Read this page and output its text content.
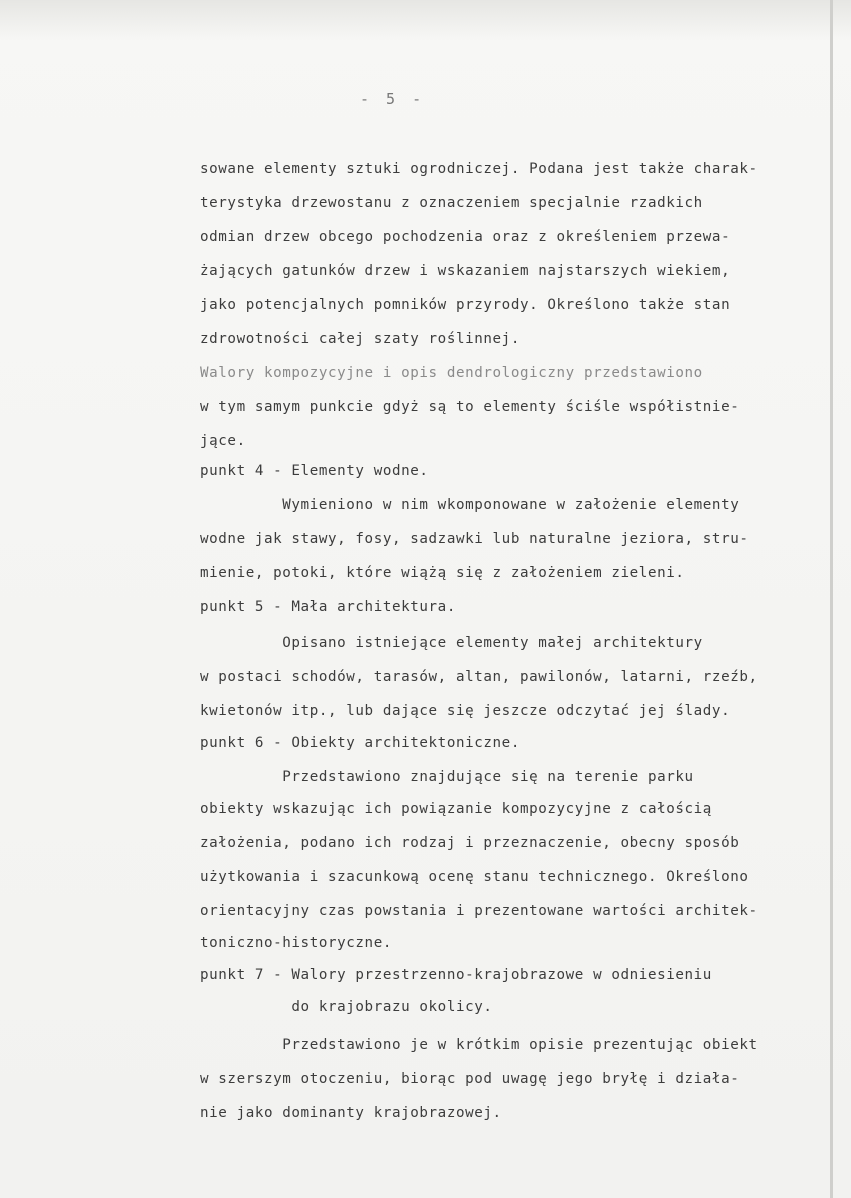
- 5 -
sowane elementy sztuki ogrodniczej. Podana jest także charak-
terystyka drzewostanu z oznaczeniem specjalnie rzadkich
odmian drzew obcego pochodzenia oraz z określeniem przewa-
żających gatunków drzew i wskazaniem najstarszych wiekiem,
jako potencjalnych pomników przyrody. Określono także stan
zdrowotności całej szaty roślinnej.
Walory kompozycyjne i opis dendrologiczny przedstawiono
w tym samym punkcie gdyż są to elementy ściśle współistnie-
jące.
punkt 4 - Elementy wodne.
Wymieniono w nim wkomponowane w założenie elementy
wodne jak stawy, fosy, sadzawki lub naturalne jeziora, stru-
mienie, potoki, które wiążą się z założeniem zieleni.
punkt 5 - Mała architektura.
Opisano istniejące elementy małej architektury
w postaci schodów, tarasów, altan, pawilonów, latarni, rzeźb,
kwietonów itp., lub dające się jeszcze odczytać jej ślady.
punkt 6 - Obiekty architektoniczne.
Przedstawiono znajdujące się na terenie parku
obiekty wskazując ich powiązanie kompozycyjne z całością
założenia, podano ich rodzaj i przeznaczenie, obecny sposób
użytkowania i szacunkową ocenę stanu technicznego. Określono
orientacyjny czas powstania i prezentowane wartości architek-
toniczno-historyczne.
punkt 7 - Walory przestrzenno-krajobrazowe w odniesieniu
do krajobrazu okolicy.
Przedstawiono je w krótkim opisie prezentując obiekt
w szerszym otoczeniu, biorąc pod uwagę jego bryłę i działa-
nie jako dominanty krajobrazowej.
